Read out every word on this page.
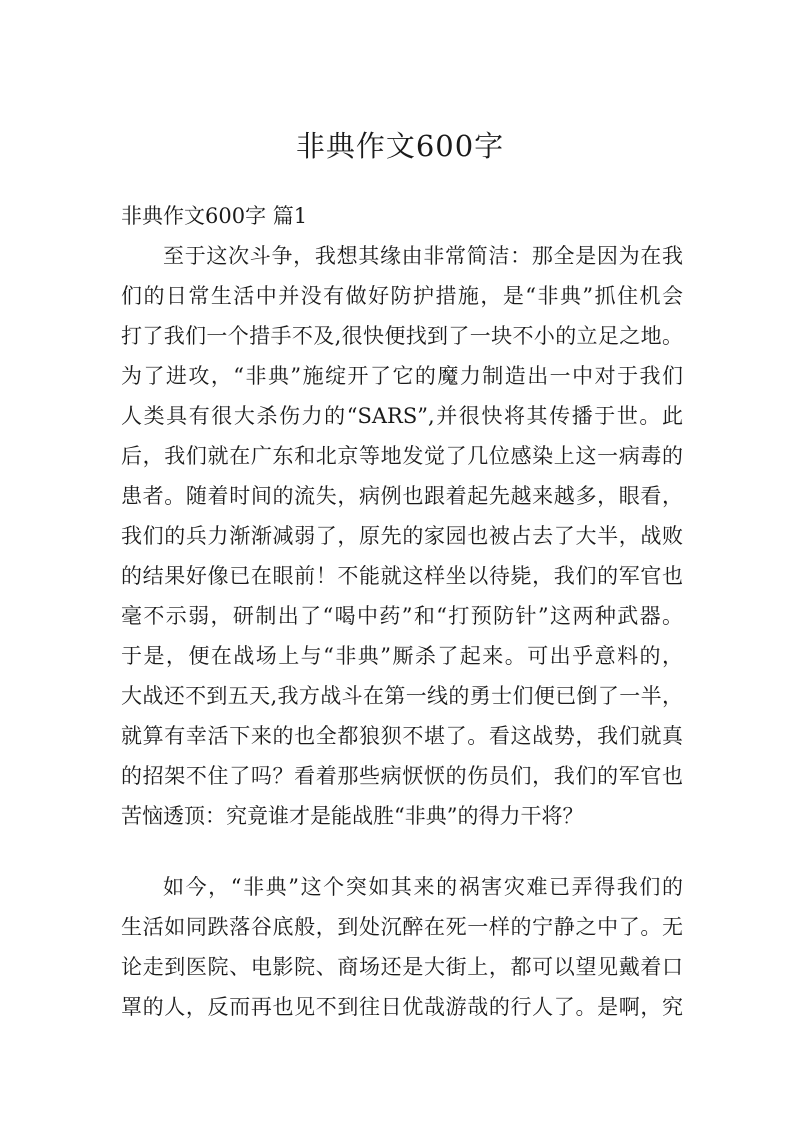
非典作文600字
非典作文600字 篇1

至于这次斗争，我想其缘由非常简洁：那全是因为在我
们的日常生活中并没有做好防护措施，是“非典”抓住机会
打了我们一个措手不及,很快便找到了一块不小的立足之地。
为了进攻，“非典”施绽开了它的魔力制造出一中对于我们
人类具有很大杀伤力的“SARS”,并很快将其传播于世。此
后，我们就在广东和北京等地发觉了几位感染上这一病毒的
患者。随着时间的流失，病例也跟着起先越来越多，眼看，
我们的兵力渐渐减弱了，原先的家园也被占去了大半，战败
的结果好像已在眼前！不能就这样坐以待毙，我们的军官也
毫不示弱，研制出了“喝中药”和“打预防针”这两种武器。
于是，便在战场上与“非典”厮杀了起来。可出乎意料的，
大战还不到五天,我方战斗在第一线的勇士们便已倒了一半，
就算有幸活下来的也全都狼狈不堪了。看这战势，我们就真
的招架不住了吗？看着那些病恹恹的伤员们，我们的军官也
苦恼透顶：究竟谁才是能战胜“非典”的得力干将？

如今，“非典”这个突如其来的祸害灾难已弄得我们的
生活如同跌落谷底般，到处沉醉在死一样的宁静之中了。无
论走到医院、电影院、商场还是大街上，都可以望见戴着口
罩的人，反而再也见不到往日优哉游哉的行人了。是啊，究
